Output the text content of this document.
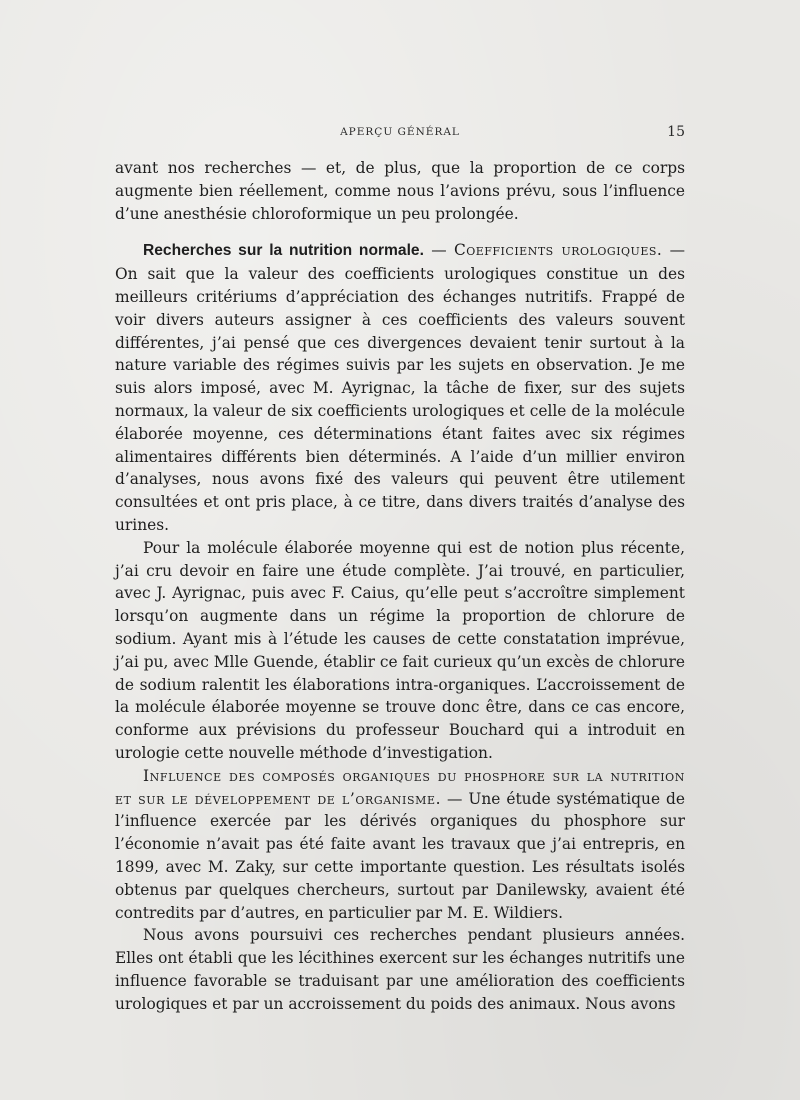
APERÇU GÉNÉRAL	15

avant nos recherches — et, de plus, que la proportion de ce corps augmente bien réellement, comme nous l’avions prévu, sous l’influence d’une anesthésie chloroformique un peu prolongée.

Recherches sur la nutrition normale. — Coefficients urologiques. — On sait que la valeur des coefficients urologiques constitue un des meilleurs critériums d’appréciation des échanges nutritifs. Frappé de voir divers auteurs assigner à ces coefficients des valeurs souvent différentes, j’ai pensé que ces divergences devaient tenir surtout à la nature variable des régimes suivis par les sujets en observation. Je me suis alors imposé, avec M. Ayrignac, la tâche de fixer, sur des sujets normaux, la valeur de six coefficients urologiques et celle de la molécule élaborée moyenne, ces déterminations étant faites avec six régimes alimentaires différents bien déterminés. A l’aide d’un millier environ d’analyses, nous avons fixé des valeurs qui peuvent être utilement consultées et ont pris place, à ce titre, dans divers traités d’analyse des urines.

Pour la molécule élaborée moyenne qui est de notion plus récente, j’ai cru devoir en faire une étude complète. J’ai trouvé, en particulier, avec J. Ayrignac, puis avec F. Caius, qu’elle peut s’accroître simplement lorsqu’on augmente dans un régime la proportion de chlorure de sodium. Ayant mis à l’étude les causes de cette constatation imprévue, j’ai pu, avec Mlle Guende, établir ce fait curieux qu’un excès de chlorure de sodium ralentit les élaborations intra-organiques. L’accroissement de la molécule élaborée moyenne se trouve donc être, dans ce cas encore, conforme aux prévisions du professeur Bouchard qui a introduit en urologie cette nouvelle méthode d’investigation.

Influence des composés organiques du phosphore sur la nutrition et sur le développement de l’organisme. — Une étude systématique de l’influence exercée par les dérivés organiques du phosphore sur l’économie n’avait pas été faite avant les travaux que j’ai entrepris, en 1899, avec M. Zaky, sur cette importante question. Les résultats isolés obtenus par quelques chercheurs, surtout par Danilewsky, avaient été contredits par d’autres, en particulier par M. E. Wildiers.

Nous avons poursuivi ces recherches pendant plusieurs années. Elles ont établi que les lécithines exercent sur les échanges nutritifs une influence favorable se traduisant par une amélioration des coefficients urologiques et par un accroissement du poids des animaux. Nous avons
